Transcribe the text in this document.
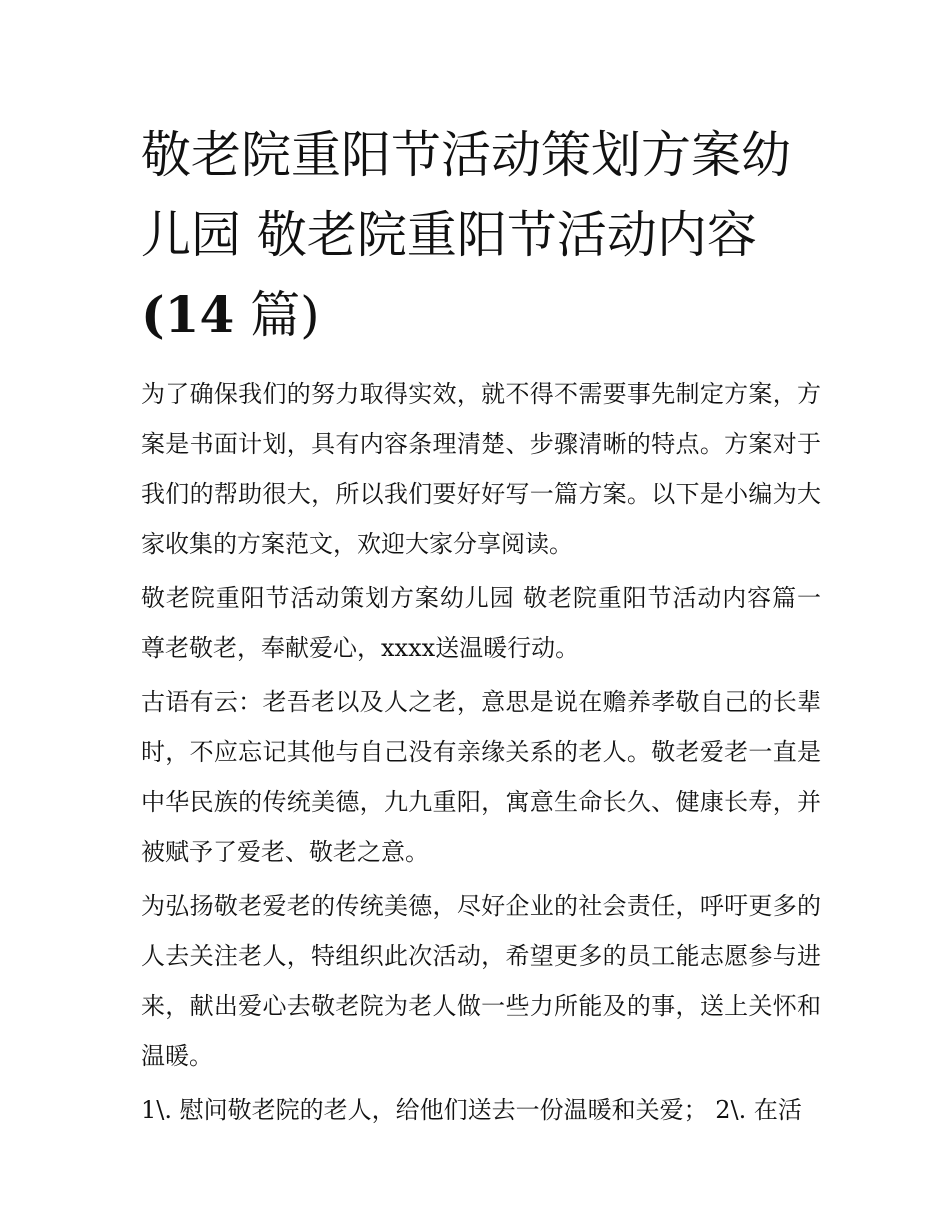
敬老院重阳节活动策划方案幼儿园 敬老院重阳节活动内容
(14 篇)

为了确保我们的努力取得实效，就不得不需要事先制定方案，方案是书面计划，具有内容条理清楚、步骤清晰的特点。方案对于我们的帮助很大，所以我们要好好写一篇方案。以下是小编为大家收集的方案范文，欢迎大家分享阅读。

敬老院重阳节活动策划方案幼儿园 敬老院重阳节活动内容篇一 尊老敬老，奉献爱心，xxxx送温暖行动。

古语有云：老吾老以及人之老，意思是说在赡养孝敬自己的长辈时，不应忘记其他与自己没有亲缘关系的老人。敬老爱老一直是中华民族的传统美德，九九重阳，寓意生命长久、健康长寿，并被赋予了爱老、敬老之意。

为弘扬敬老爱老的传统美德，尽好企业的社会责任，呼吁更多的人去关注老人，特组织此次活动，希望更多的员工能志愿参与进来，献出爱心去敬老院为老人做一些力所能及的事，送上关怀和温暖。

1\. 慰问敬老院的老人，给他们送去一份温暖和关爱； 2\. 在活
